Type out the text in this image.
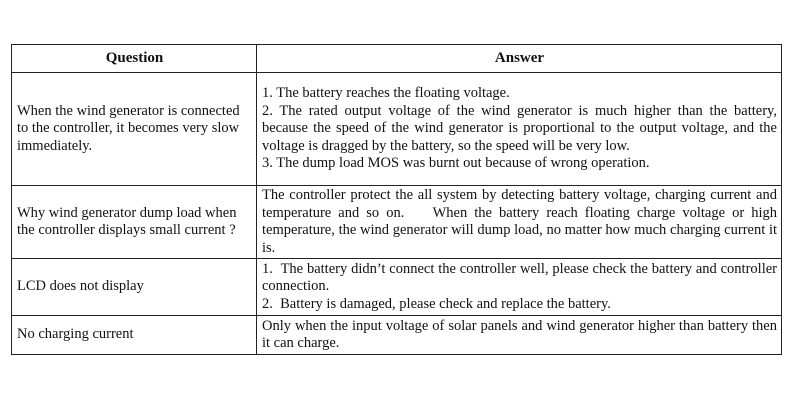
Question	Answer
When the wind generator is connected to the controller, it becomes very slow immediately.	1. The battery reaches the floating voltage.
2. The rated output voltage of the wind generator is much higher than the battery, because the speed of the wind generator is proportional to the output voltage, and the voltage is dragged by the battery, so the speed will be very low.
3. The dump load MOS was burnt out because of wrong operation.

Why wind generator dump load when the controller displays small current ?	The controller protect the all system by detecting battery voltage, charging current and temperature and so on.    When the battery reach floating charge voltage or high temperature, the wind generator will dump load, no matter how much charging current it is.

LCD does not display	1.  The battery didn’t connect the controller well, please check the battery and controller connection.
2.  Battery is damaged, please check and replace the battery.

No charging current	Only when the input voltage of solar panels and wind generator higher than battery then it can charge.
